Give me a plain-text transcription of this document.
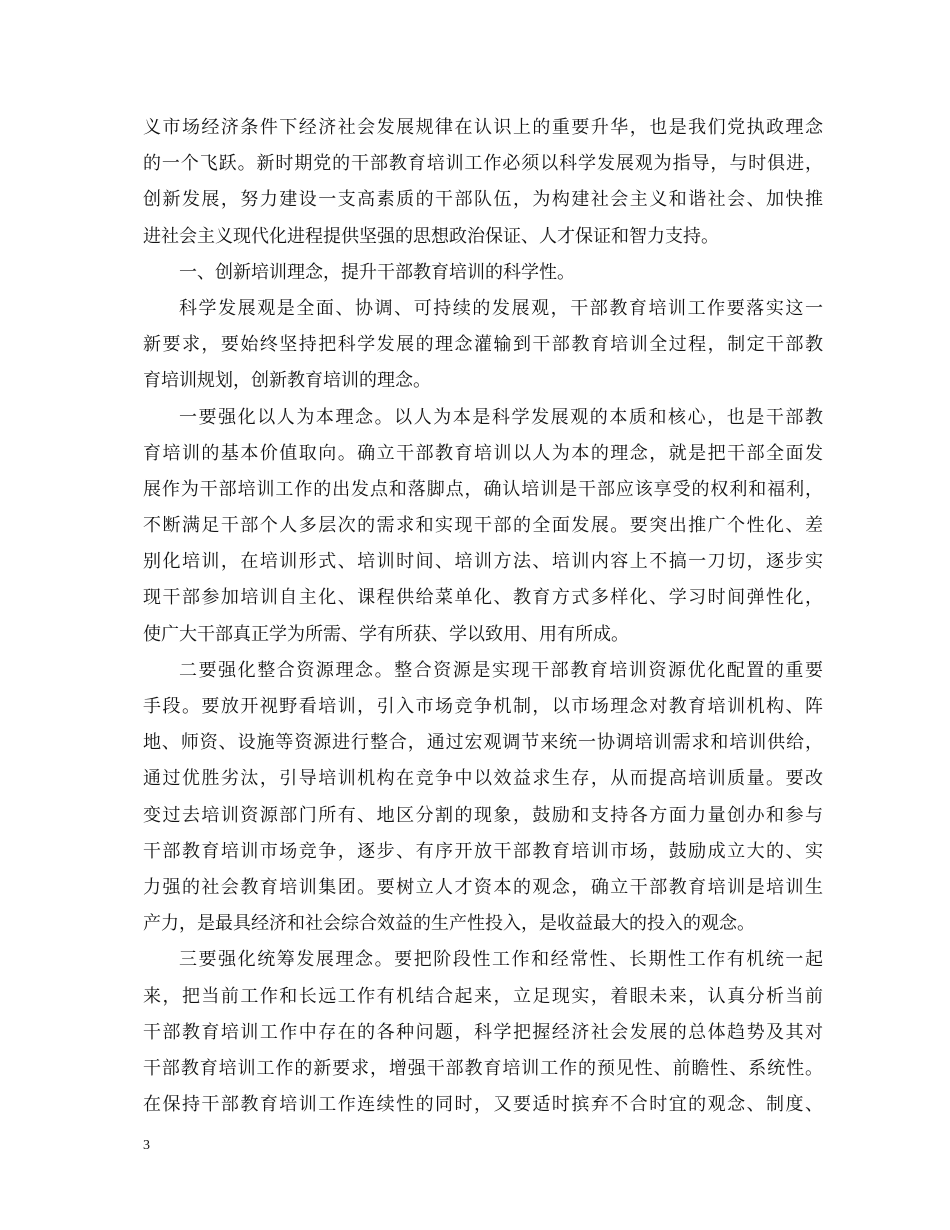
义市场经济条件下经济社会发展规律在认识上的重要升华，也是我们党执政理念
的一个飞跃。新时期党的干部教育培训工作必须以科学发展观为指导，与时俱进，
创新发展，努力建设一支高素质的干部队伍，为构建社会主义和谐社会、加快推
进社会主义现代化进程提供坚强的思想政治保证、人才保证和智力支持。
一、创新培训理念，提升干部教育培训的科学性。
科学发展观是全面、协调、可持续的发展观，干部教育培训工作要落实这一
新要求，要始终坚持把科学发展的理念灌输到干部教育培训全过程，制定干部教
育培训规划，创新教育培训的理念。
一要强化以人为本理念。以人为本是科学发展观的本质和核心，也是干部教
育培训的基本价值取向。确立干部教育培训以人为本的理念，就是把干部全面发
展作为干部培训工作的出发点和落脚点，确认培训是干部应该享受的权利和福利，
不断满足干部个人多层次的需求和实现干部的全面发展。要突出推广个性化、差
别化培训，在培训形式、培训时间、培训方法、培训内容上不搞一刀切，逐步实
现干部参加培训自主化、课程供给菜单化、教育方式多样化、学习时间弹性化，
使广大干部真正学为所需、学有所获、学以致用、用有所成。
二要强化整合资源理念。整合资源是实现干部教育培训资源优化配置的重要
手段。要放开视野看培训，引入市场竞争机制，以市场理念对教育培训机构、阵
地、师资、设施等资源进行整合，通过宏观调节来统一协调培训需求和培训供给，
通过优胜劣汰，引导培训机构在竞争中以效益求生存，从而提高培训质量。要改
变过去培训资源部门所有、地区分割的现象，鼓励和支持各方面力量创办和参与
干部教育培训市场竞争，逐步、有序开放干部教育培训市场，鼓励成立大的、实
力强的社会教育培训集团。要树立人才资本的观念，确立干部教育培训是培训生
产力，是最具经济和社会综合效益的生产性投入，是收益最大的投入的观念。
三要强化统筹发展理念。要把阶段性工作和经常性、长期性工作有机统一起
来，把当前工作和长远工作有机结合起来，立足现实，着眼未来，认真分析当前
干部教育培训工作中存在的各种问题，科学把握经济社会发展的总体趋势及其对
干部教育培训工作的新要求，增强干部教育培训工作的预见性、前瞻性、系统性。
在保持干部教育培训工作连续性的同时，又要适时摈弃不合时宜的观念、制度、
3
